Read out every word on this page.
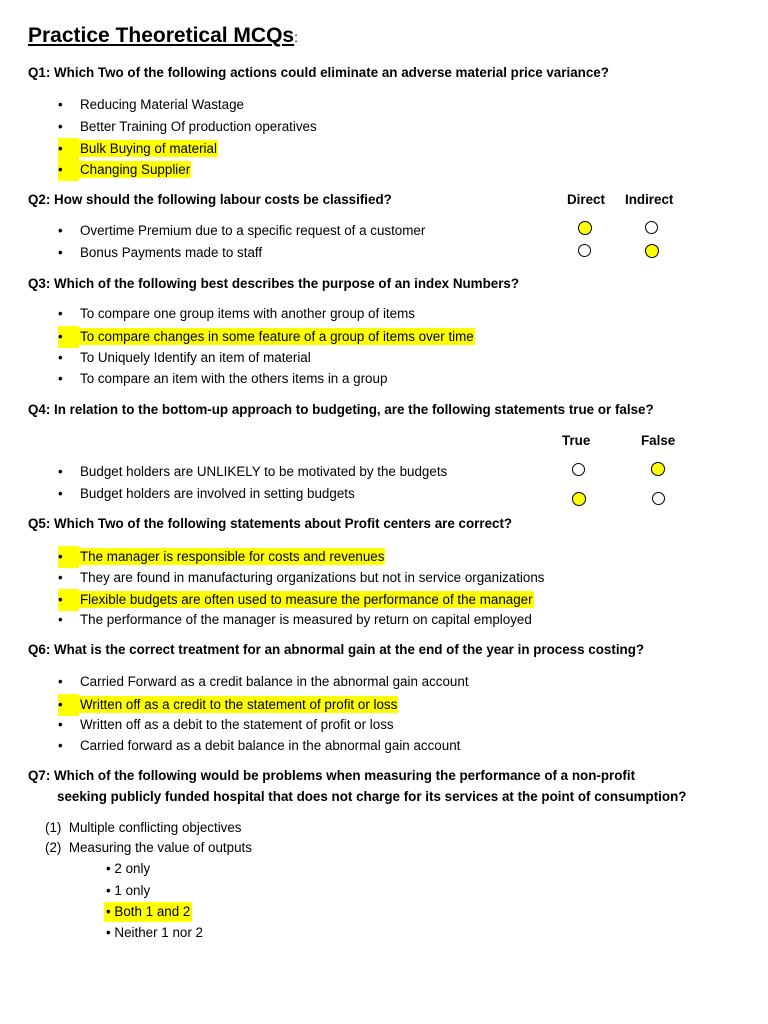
Practice Theoretical MCQs:
Q1: Which Two of the following actions could eliminate an adverse material price variance?
• Reducing Material Wastage
• Better Training Of production operatives
• Bulk Buying of material
• Changing Supplier
Q2: How should the following labour costs be classified?	Direct Indirect
• Overtime Premium due to a specific request of a customer
• Bonus Payments made to staff
Q3: Which of the following best describes the purpose of an index Numbers?
• To compare one group items with another group of items
• To compare changes in some feature of a group of items over time
• To Uniquely Identify an item of material
• To compare an item with the others items in a group
Q4: In relation to the bottom-up approach to budgeting, are the following statements true or false?
True	False
• Budget holders are UNLIKELY to be motivated by the budgets
• Budget holders are involved in setting budgets
Q5: Which Two of the following statements about Profit centers are correct?
• The manager is responsible for costs and revenues
• They are found in manufacturing organizations but not in service organizations
• Flexible budgets are often used to measure the performance of the manager
• The performance of the manager is measured by return on capital employed
Q6: What is the correct treatment for an abnormal gain at the end of the year in process costing?
• Carried Forward as a credit balance in the abnormal gain account
• Written off as a credit to the statement of profit or loss
• Written off as a debit to the statement of profit or loss
• Carried forward as a debit balance in the abnormal gain account
Q7: Which of the following would be problems when measuring the performance of a non-profit
seeking publicly funded hospital that does not charge for its services at the point of consumption?
(1) Multiple conflicting objectives
(2) Measuring the value of outputs
• 2 only
• 1 only
• Both 1 and 2
• Neither 1 nor 2
